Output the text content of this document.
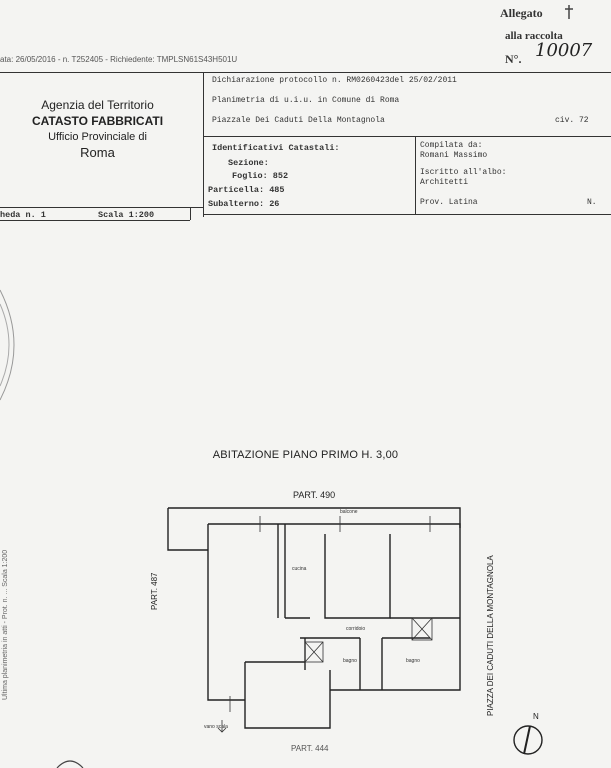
Allegato
alla raccolta
N°. 10007
ata: 26/05/2016 - n. T252405 - Richiedente: TMPLSN61S43H501U
Agenzia del Territorio
CATASTO FABBRICATI
Ufficio Provinciale di
Roma
Dichiarazione protocollo n. RM0260423del 25/02/2011
Planimetria di u.i.u. in Comune di Roma
Piazzale Dei Caduti Della Montagnola	civ. 72
Identificativi Catastali:
Sezione:
Foglio: 852
Particella: 485
Subalterno: 26
Compilata da:
Romani Massimo
Iscritto all'albo:
Architetti
Prov. Latina	N.
heda n. 1	Scala 1:200
Ultima planimetria in atti - Prot. n. ... Scala 1:200
ABITAZIONE PIANO PRIMO H. 3,00
PART. 490
PART. 487	PIAZZA DEI CADUTI DELLA MONTAGNOLA
PART. 444
cucina
balcone
corridoio
bagno	bagno
vano scala
N
